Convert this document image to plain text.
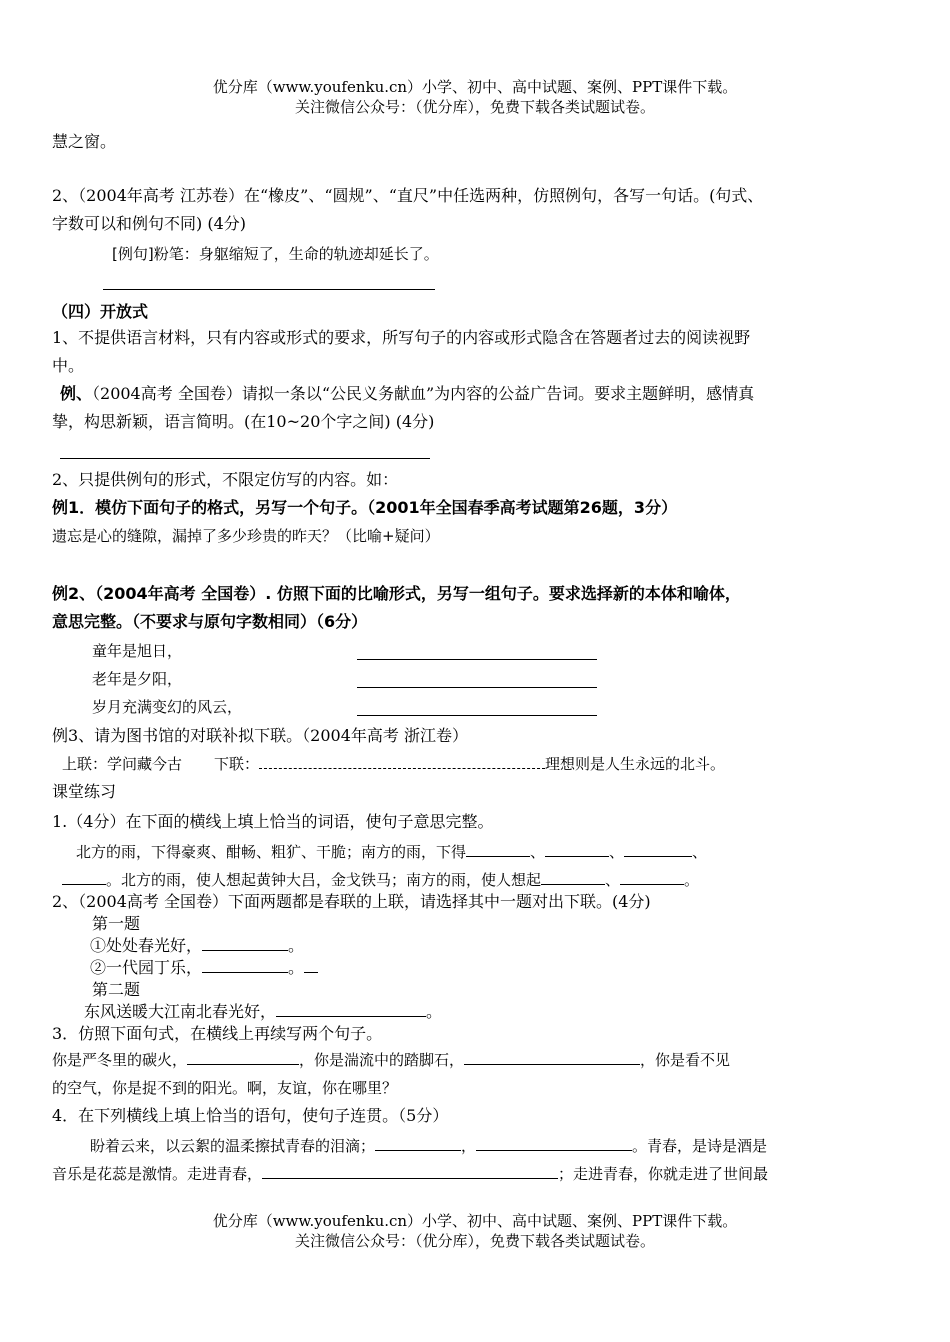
优分库（www.youfenku.cn）小学、初中、高中试题、案例、PPT课件下载。
关注微信公众号：（优分库），免费下载各类试题试卷。
慧之窗。
2、（2004年高考 江苏卷）在“橡皮”、“圆规”、“直尺”中任选两种，仿照例句，各写一句话。(句式、
字数可以和例句不同) (4分)
[例句]粉笔：身躯缩短了，生命的轨迹却延长了。
（四）开放式
1、不提供语言材料，只有内容或形式的要求，所写句子的内容或形式隐含在答题者过去的阅读视野
中。
例、（2004高考 全国卷）请拟一条以“公民义务献血”为内容的公益广告词。要求主题鲜明，感情真
挚，构思新颖，语言简明。(在10~20个字之间) (4分)
2、只提供例句的形式，不限定仿写的内容。如：
例1．模仿下面句子的格式，另写一个句子。（2001年全国春季高考试题第26题，3分）
遗忘是心的缝隙，漏掉了多少珍贵的昨天？（比喻+疑问）
例2、（2004年高考 全国卷）. 仿照下面的比喻形式，另写一组句子。要求选择新的本体和喻体，
意思完整。（不要求与原句字数相同）（6分）
童年是旭日，
老年是夕阳，
岁月充满变幻的风云，
例3、请为图书馆的对联补拟下联。（2004年高考 浙江卷）
上联：学问藏今古 下联：	理想则是人生永远的北斗。
课堂练习
1.（4分）在下面的横线上填上恰当的词语，使句子意思完整。
北方的雨，下得豪爽、酣畅、粗犷、干脆；南方的雨，下得	、	、	、
。北方的雨，使人想起黄钟大吕，金戈铁马；南方的雨，使人想起	、	。
2、（2004高考 全国卷）下面两题都是春联的上联，请选择其中一题对出下联。(4分)
第一题
①处处春光好，	。
②一代园丁乐，	。
第二题
东风送暖大江南北春光好，	。
3．仿照下面句式，在横线上再续写两个句子。
你是严冬里的碳火，	，你是湍流中的踏脚石，	，你是看不见
的空气，你是捉不到的阳光。啊，友谊，你在哪里？
4．在下列横线上填上恰当的语句，使句子连贯。（5分）
盼着云来，以云絮的温柔擦拭青春的泪滴；	，	。青春，是诗是酒是
音乐是花蕊是激情。走进青春，	；走进青春，你就走进了世间最
优分库（www.youfenku.cn）小学、初中、高中试题、案例、PPT课件下载。
关注微信公众号：（优分库），免费下载各类试题试卷。
